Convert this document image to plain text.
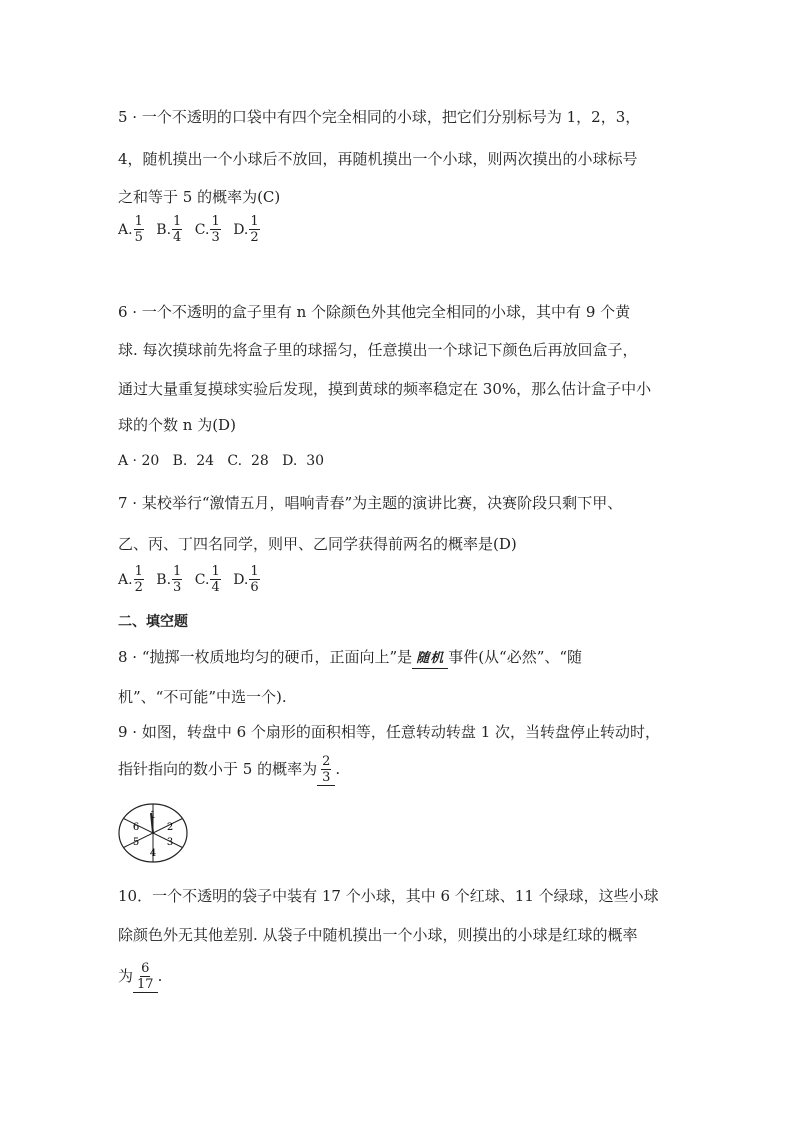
5 · 一个不透明的口袋中有四个完全相同的小球，把它们分别标号为 1，2，3，
4，随机摸出一个小球后不放回，再随机摸出一个小球，则两次摸出的小球标号
之和等于 5 的概率为(C)
A. $\frac{1}{5}$
B. $\frac{1}{4}$
C. $\frac{1}{3}$
D. $\frac{1}{2}$
6 · 一个不透明的盒子里有 n 个除颜色外其他完全相同的小球，其中有 9 个黄
球. 每次摸球前先将盒子里的球摇匀，任意摸出一个球记下颜色后再放回盒子，
通过大量重复摸球实验后发现，摸到黄球的频率稳定在 30%，那么估计盒子中小
球的个数 n 为(D)
A · 20   B.  24   C.  28   D.  30
7 · 某校举行“激情五月，唱响青春”为主题的演讲比赛，决赛阶段只剩下甲、
乙、丙、丁四名同学，则甲、乙同学获得前两名的概率是(D)
A. $\frac{1}{2}$
B. $\frac{1}{3}$
C. $\frac{1}{4}$
D. $\frac{1}{6}$
二、填空题
8 · “抛掷一枚质地均匀的硬币，正面向上”是 随机 事件(从“必然”、“随
机”、“不可能”中选一个).
9 · 如图，转盘中 6 个扇形的面积相等，任意转动转盘 1 次，当转盘停止转动时，
指针指向的数小于 5 的概率为 $\frac{2}{3}$ .
1
2
3
4
5
6
10．一个不透明的袋子中装有 17 个小球，其中 6 个红球、11 个绿球，这些小球
除颜色外无其他差别. 从袋子中随机摸出一个小球，则摸出的小球是红球的概率
为 $\frac{6}{17}$ .
